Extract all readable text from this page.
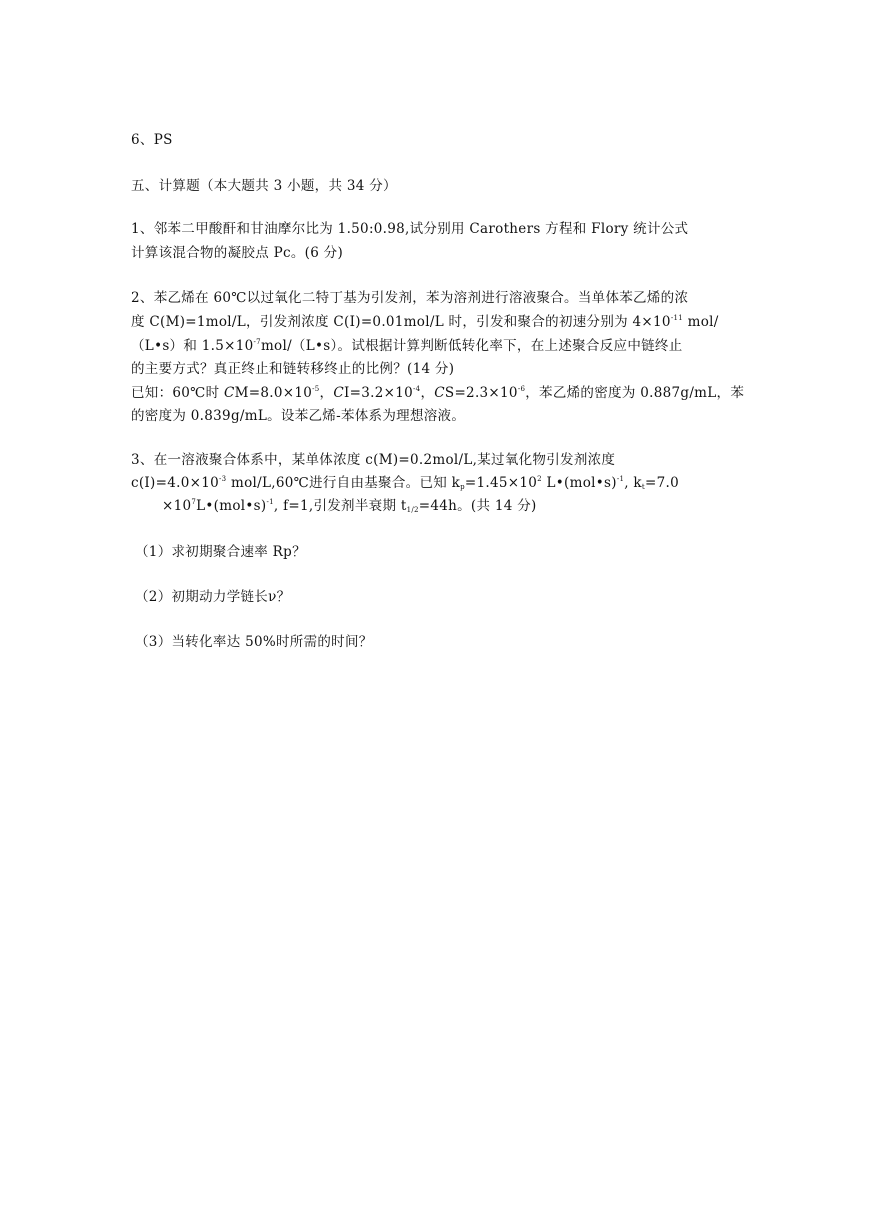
6、PS
五、计算题（本大题共 3 小题，共 34 分）
1、邻苯二甲酸酐和甘油摩尔比为 1.50:0.98,试分别用 Carothers 方程和 Flory 统计公式
计算该混合物的凝胶点 Pc。(6 分)
2、苯乙烯在 60℃以过氧化二特丁基为引发剂，苯为溶剂进行溶液聚合。当单体苯乙烯的浓
度 C(M)=1mol/L，引发剂浓度 C(I)=0.01mol/L 时，引发和聚合的初速分别为 $4\times 10^{-11}$ mol/
（L•s）和 $1.5\times 10^{-7}mol/(L•s)$。试根据计算判断低转化率下，在上述聚合反应中链终止
的主要方式？真正终止和链转移终止的比例？(14 分)
已知：60℃时 $CM=8.0\times 10^{-5}$，$CI=3.2\times 10^{-4}$，$CS=2.3\times 10^{-6}$，苯乙烯的密度为 0.887g/mL，苯
的密度为 0.839g/mL。设苯乙烯-苯体系为理想溶液。
3、在一溶液聚合体系中，某单体浓度 c(M)=0.2mol/L,某过氧化物引发剂浓度
$c(I)=4.0\times 10^{-3}$ mol/L,60℃进行自由基聚合。已知 $k_p=1.45\times 10^2$ L•(mol•s)$^{-1}$, $k_t=7.0$
$\times 10^7L•(mol•s)^{-1}$, f=1,引发剂半衰期 $t_{1/2}=44h$。(共 14 分)
（1）求初期聚合速率 Rp？
（2）初期动力学链长ν？
（3）当转化率达 50%时所需的时间？
